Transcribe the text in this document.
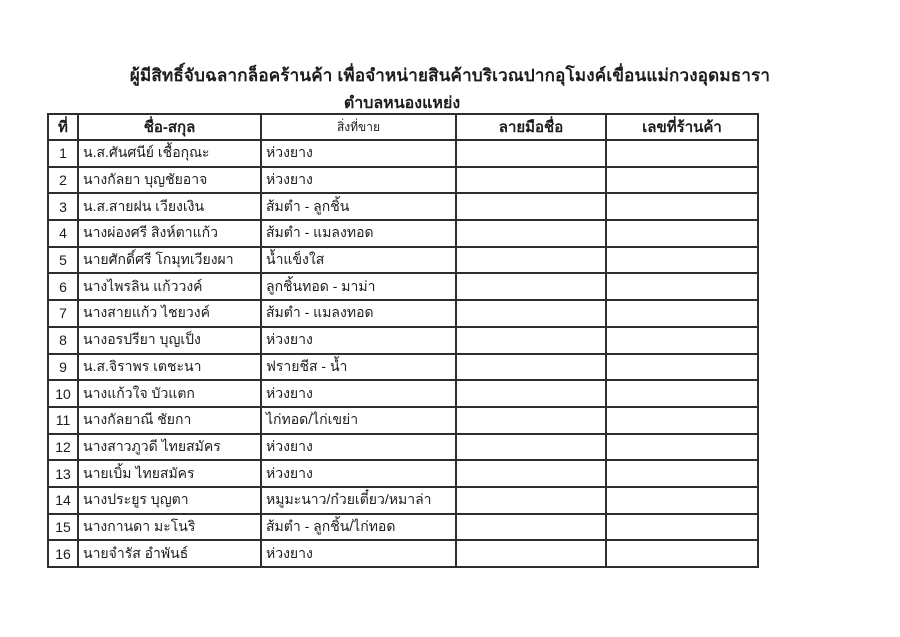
ผู้มีสิทธิ์จับฉลากล็อคร้านค้า เพื่อจำหน่ายสินค้าบริเวณปากอุโมงค์เขื่อนแม่กวงอุดมธารา
ตำบลหนองแหย่ง
ที่	ชื่อ-สกุล	สิ่งที่ขาย	ลายมือชื่อ	เลขที่ร้านค้า
1	น.ส.ศันศนีย์ เชื้อกุณะ	ห่วงยาง		
2	นางกัลยา บุญชัยอาจ	ห่วงยาง		
3	น.ส.สายฝน เวียงเงิน	ส้มตำ - ลูกชิ้น		
4	นางผ่องศรี สิงห์ตาแก้ว	ส้มตำ - แมลงทอด		
5	นายศักดิ์ศรี โกมุทเวียงผา	น้ำแข็งใส		
6	นางไพรลิน แก้ววงค์	ลูกชิ้นทอด - มาม่า		
7	นางสายแก้ว ไชยวงค์	ส้มตำ - แมลงทอด		
8	นางอรปรียา บุญเป็ง	ห่วงยาง		
9	น.ส.จิราพร เตชะนา	ฟรายชีส - น้ำ		
10	นางแก้วใจ บัวแตก	ห่วงยาง		
11	นางกัลยาณี ชัยกา	ไก่ทอด/ไก่เขย่า		
12	นางสาวภูวดี ไทยสมัคร	ห่วงยาง		
13	นายเบิ้ม ไทยสมัคร	ห่วงยาง		
14	นางประยูร บุญตา	หมูมะนาว/ก๋วยเตี๋ยว/หมาล่า		
15	นางกานดา มะโนริ	ส้มตำ - ลูกชิ้น/ไก่ทอด		
16	นายจำรัส อำพันธ์	ห่วงยาง		
